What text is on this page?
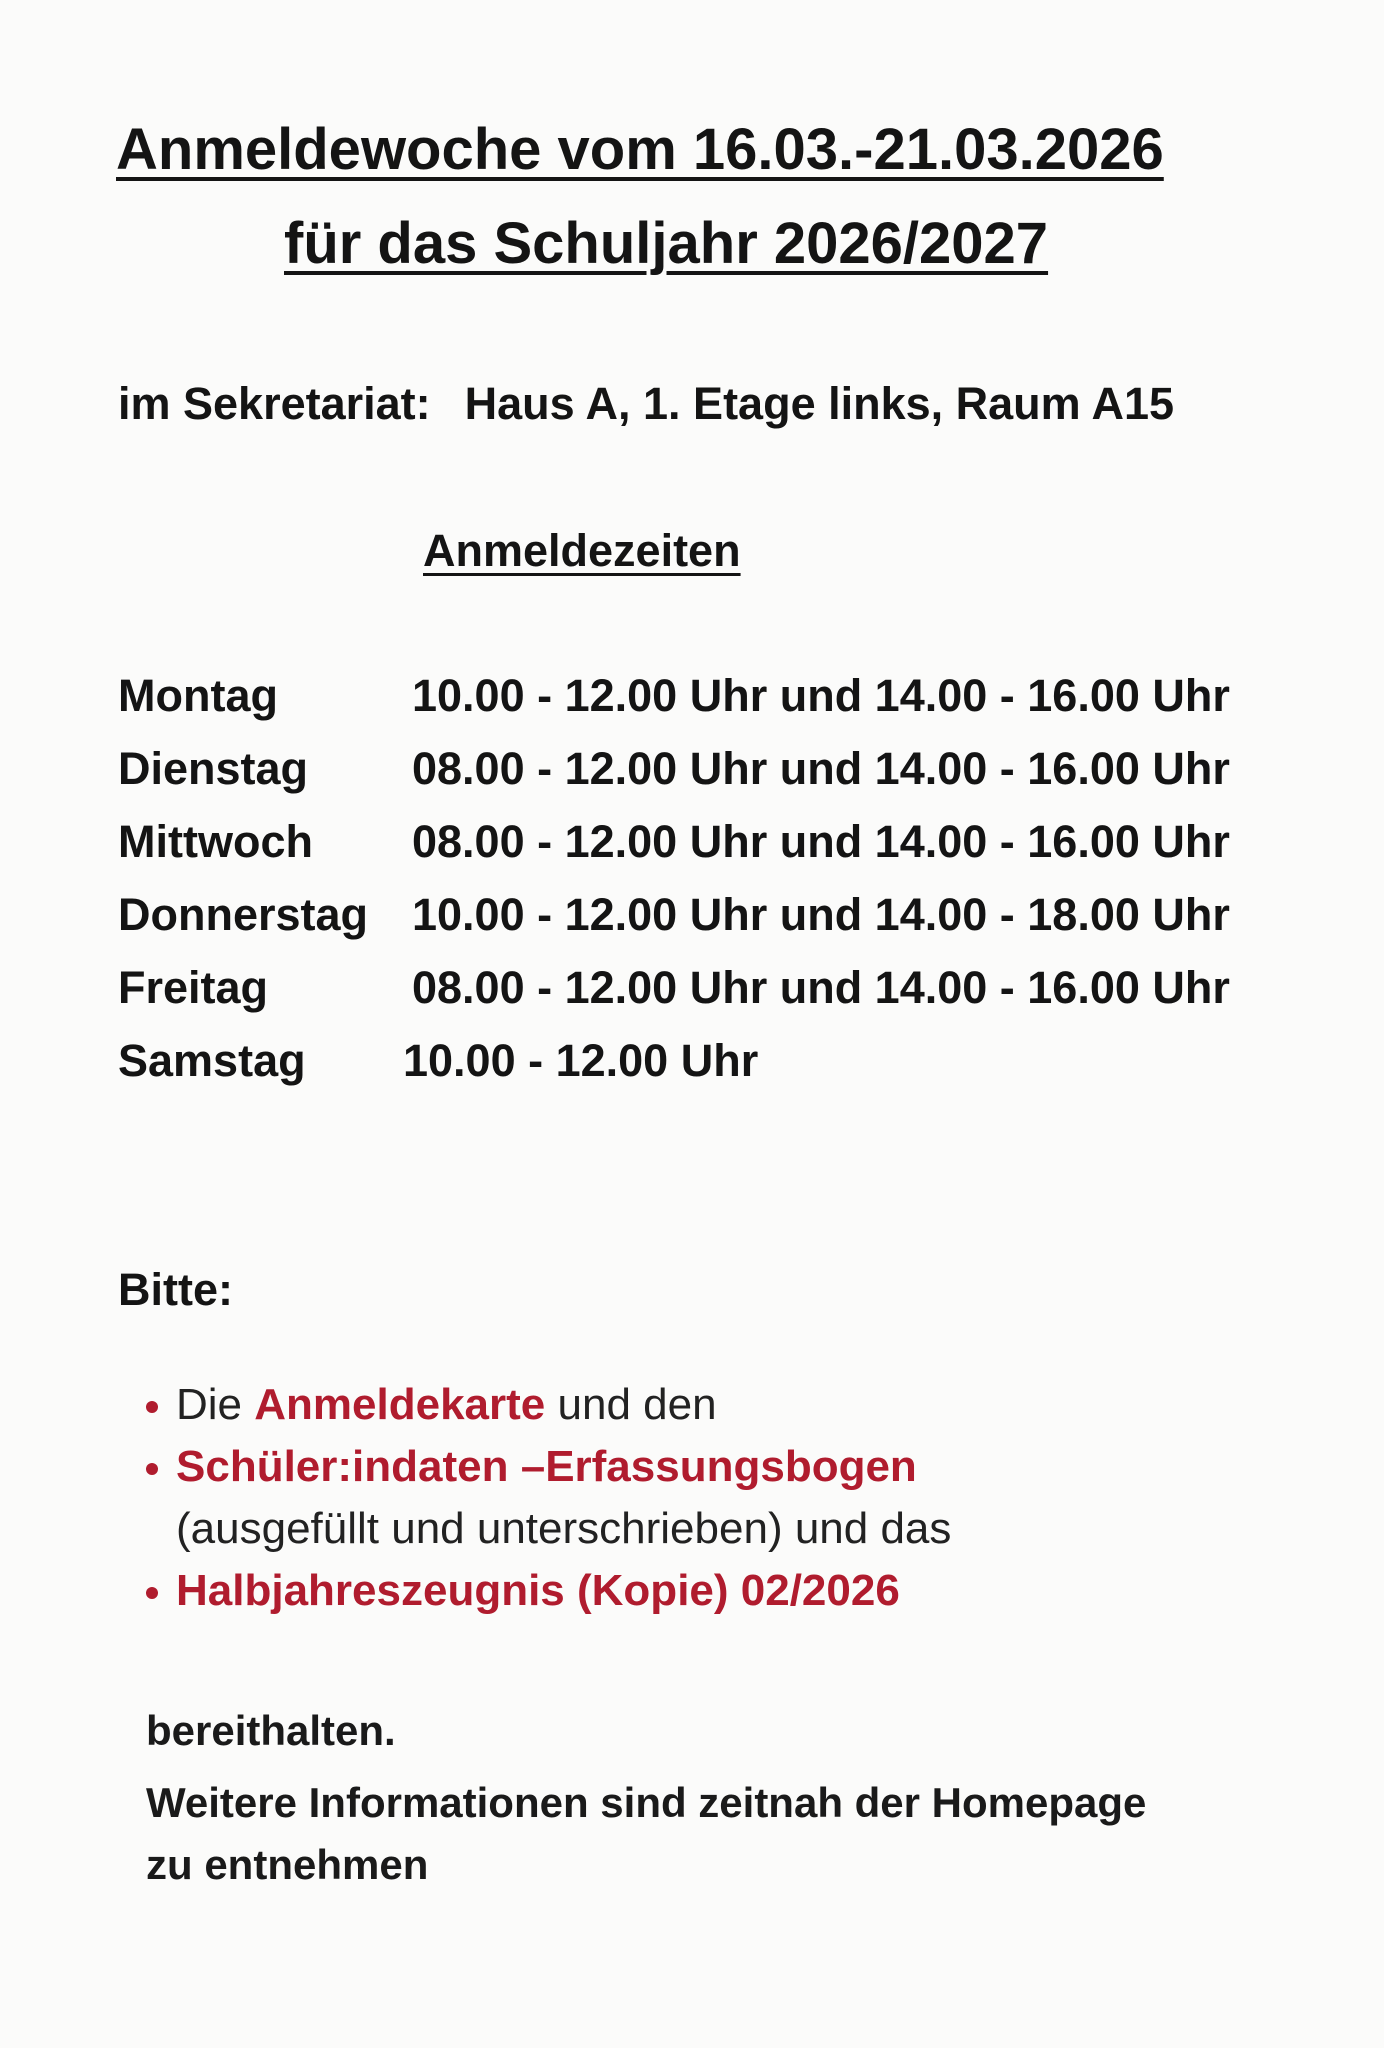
Anmeldewoche vom 16.03.-21.03.2026
für das Schuljahr 2026/2027
im Sekretariat: Haus A, 1. Etage links, Raum A15
Anmeldezeiten
Montag	10.00 - 12.00 Uhr und 14.00 - 16.00 Uhr
Dienstag 08.00 - 12.00 Uhr und 14.00 - 16.00 Uhr
Mittwoch 08.00 - 12.00 Uhr und 14.00 - 16.00 Uhr
Donnerstag 10.00 - 12.00 Uhr und 14.00 - 18.00 Uhr
Freitag	08.00 - 12.00 Uhr und 14.00 - 16.00 Uhr
Samstag 10.00 - 12.00 Uhr
Bitte:
Die Anmeldekarte und den
Schüler:indaten –Erfassungsbogen
(ausgefüllt und unterschrieben) und das
Halbjahreszeugnis (Kopie) 02/2026
bereithalten.
Weitere Informationen sind zeitnah der Homepage
zu entnehmen
